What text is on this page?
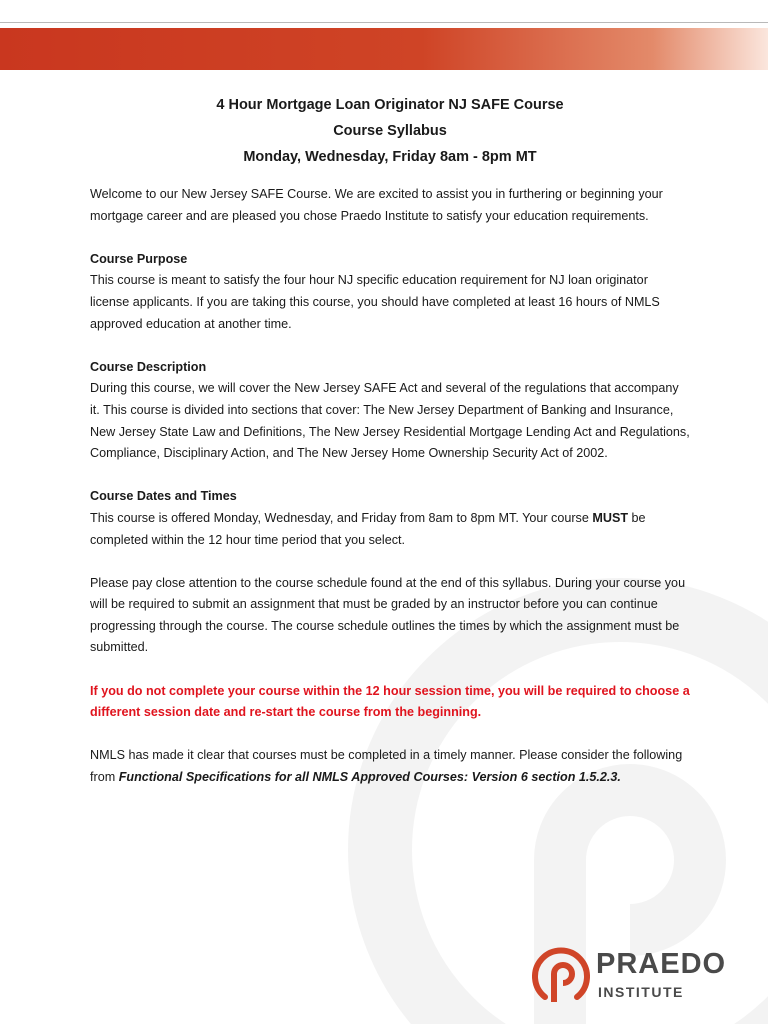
4 Hour Mortgage Loan Originator NJ SAFE Course
Course Syllabus
Monday, Wednesday, Friday 8am - 8pm MT
Welcome to our New Jersey SAFE Course. We are excited to assist you in furthering or beginning your mortgage career and are pleased you chose Praedo Institute to satisfy your education requirements.
Course Purpose
This course is meant to satisfy the four hour NJ specific education requirement for NJ loan originator license applicants. If you are taking this course, you should have completed at least 16 hours of NMLS approved education at another time.
Course Description
During this course, we will cover the New Jersey SAFE Act and several of the regulations that accompany it. This course is divided into sections that cover: The New Jersey Department of Banking and Insurance, New Jersey State Law and Definitions, The New Jersey Residential Mortgage Lending Act and Regulations, Compliance, Disciplinary Action, and The New Jersey Home Ownership Security Act of 2002.
Course Dates and Times
This course is offered Monday, Wednesday, and Friday from 8am to 8pm MT. Your course MUST be completed within the 12 hour time period that you select.
Please pay close attention to the course schedule found at the end of this syllabus. During your course you will be required to submit an assignment that must be graded by an instructor before you can continue progressing through the course. The course schedule outlines the times by which the assignment must be submitted.
If you do not complete your course within the 12 hour session time, you will be required to choose a different session date and re-start the course from the beginning.
NMLS has made it clear that courses must be completed in a timely manner. Please consider the following from Functional Specifications for all NMLS Approved Courses: Version 6 section 1.5.2.3.
PRAEDO
INSTITUTE
